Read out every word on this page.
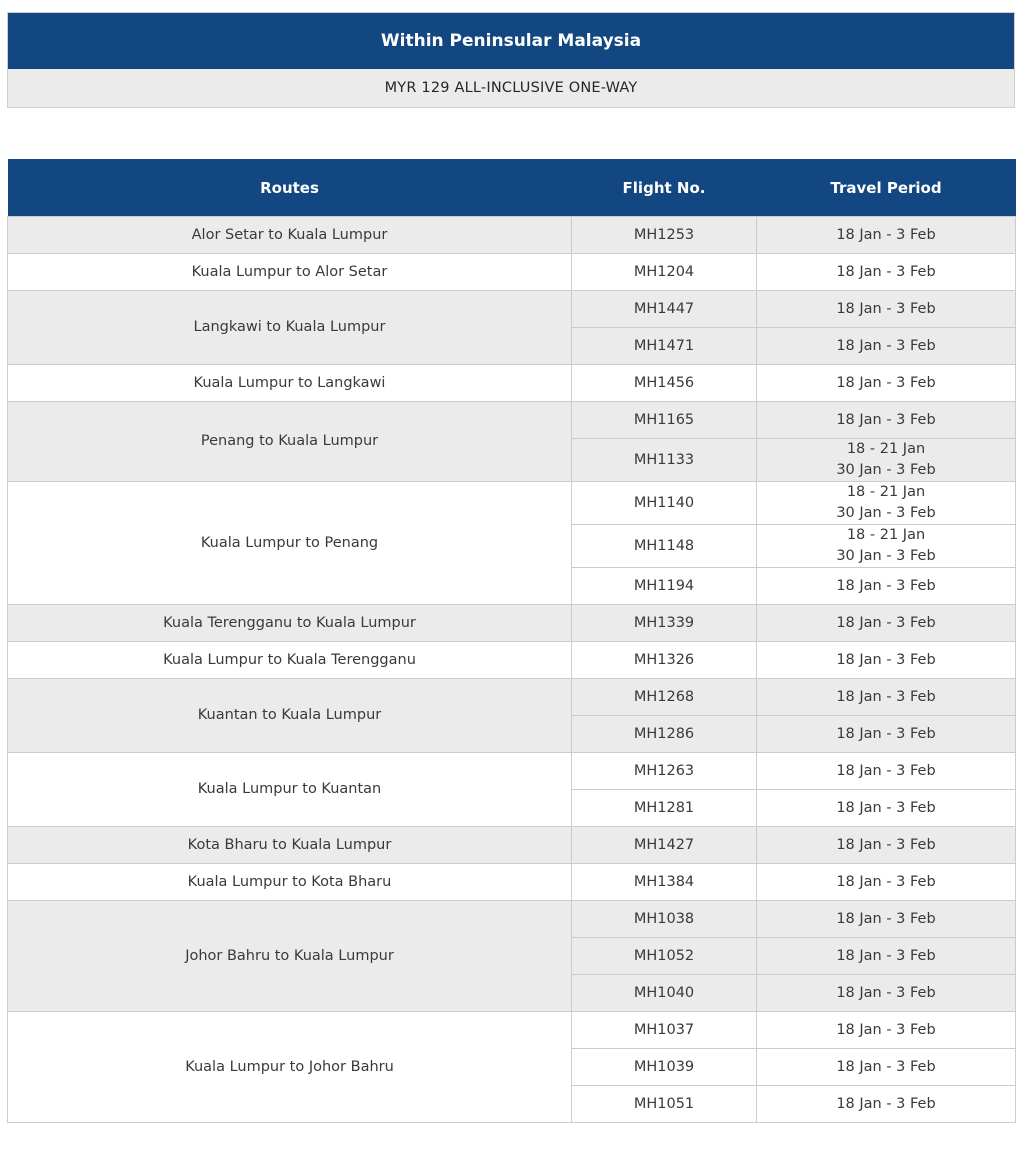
Within Peninsular Malaysia
MYR 129 ALL-INCLUSIVE ONE-WAY
Routes	Flight No.	Travel Period
Alor Setar to Kuala Lumpur	MH1253	18 Jan - 3 Feb

Kuala Lumpur to Alor Setar	MH1204	18 Jan - 3 Feb

Langkawi to Kuala Lumpur	MH1447	18 Jan - 3 Feb

	MH1471	18 Jan - 3 Feb

Kuala Lumpur to Langkawi	MH1456	18 Jan - 3 Feb

Penang to Kuala Lumpur	MH1165	18 Jan - 3 Feb

	MH1133	18 - 21 Jan
30 Jan - 3 Feb

Kuala Lumpur to Penang	MH1140	18 - 21 Jan
30 Jan - 3 Feb

	MH1148	18 - 21 Jan
30 Jan - 3 Feb

	MH1194	18 Jan - 3 Feb

Kuala Terengganu to Kuala Lumpur	MH1339	18 Jan - 3 Feb

Kuala Lumpur to Kuala Terengganu	MH1326	18 Jan - 3 Feb

Kuantan to Kuala Lumpur	MH1268	18 Jan - 3 Feb

	MH1286	18 Jan - 3 Feb

Kuala Lumpur to Kuantan	MH1263	18 Jan - 3 Feb

	MH1281	18 Jan - 3 Feb

Kota Bharu to Kuala Lumpur	MH1427	18 Jan - 3 Feb

Kuala Lumpur to Kota Bharu	MH1384	18 Jan - 3 Feb

Johor Bahru to Kuala Lumpur	MH1038	18 Jan - 3 Feb

	MH1052	18 Jan - 3 Feb

	MH1040	18 Jan - 3 Feb

Kuala Lumpur to Johor Bahru	MH1037	18 Jan - 3 Feb

	MH1039	18 Jan - 3 Feb

	MH1051	18 Jan - 3 Feb
